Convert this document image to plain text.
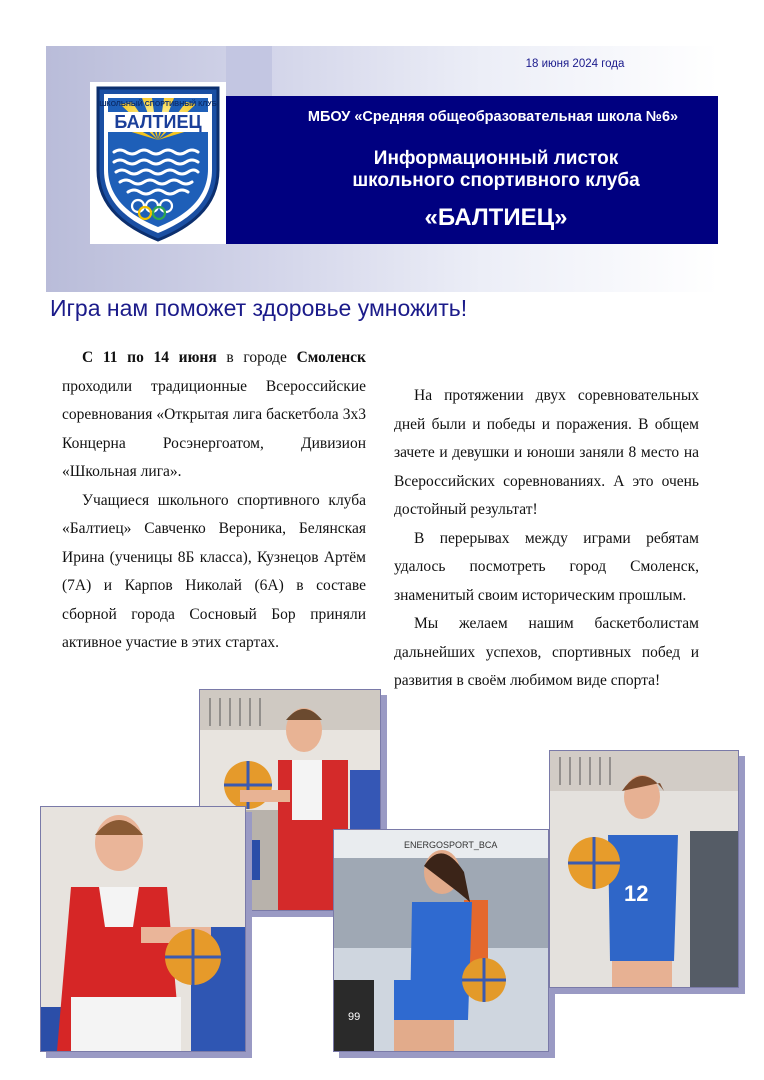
18 июня 2024 года
МБОУ «Средняя общеобразовательная школа №6»
Информационный листок
школьного спортивного клуба
«БАЛТИЕЦ»
ШКОЛЬНЫЙ СПОРТИВНЫЙ КЛУБ
БАЛТИЕЦ
Игра нам поможет здоровье умножить!

С 11 по 14 июня в городе Смоленск проходили традиционные Всероссийские соревнования «Открытая лига баскетбола 3х3 Концерна Росэнергоатом, Дивизион «Школьная лига».

Учащиеся школьного спортивного клуба «Балтиец» Савченко Вероника, Белянская Ирина (ученицы 8Б класса), Кузнецов Артём (7А) и Карпов Николай (6А) в составе сборной города Сосновый Бор приняли активное участие в этих стартах.

На протяжении двух соревновательных дней были и победы и поражения. В общем зачете и девушки и юноши заняли 8 место на Всероссийских соревнованиях. А это очень достойный результат!

В перерывах между играми ребятам удалось посмотреть город Смоленск, знаменитый своим историческим прошлым.

Мы желаем нашим баскетболистам дальнейших успехов, спортивных побед и развития в своём любимом виде спорта!

ENERGOSPORT_BCA
99
12
